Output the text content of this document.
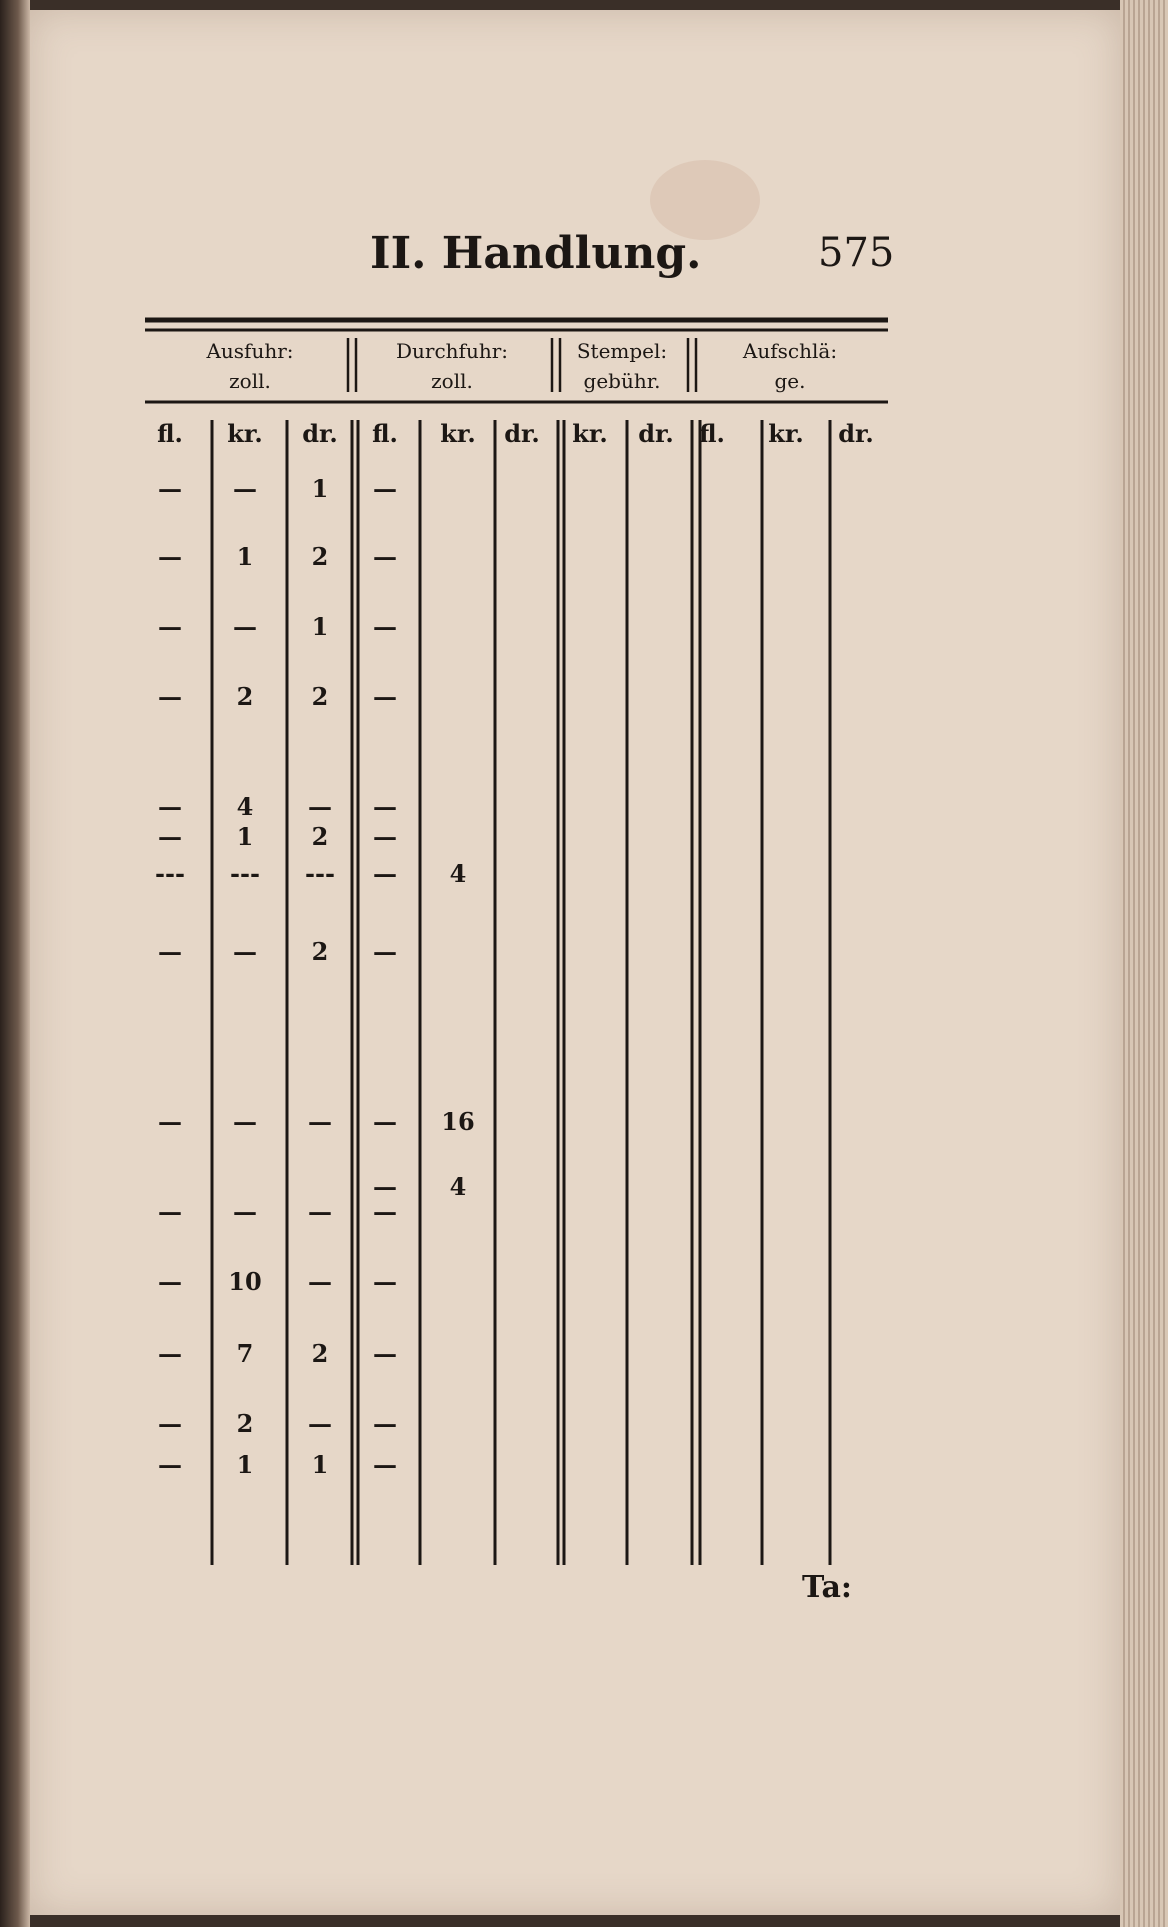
II. Handlung.	575
Ausfuhr:
zoll.
Durchfuhr:
zoll.
Stempel:
gebühr.
Aufschlä:
ge.
fl. kr. dr. fl. kr. dr. kr. dr. fl. kr. dr.
— — 1 —
— 1 2 —
— — 1 —
— 2 2 —
— 4 — —
— 1 2 —
--- --- --- — 4
— — 2 —
— — — — 16
— 4
— — — —
— 10 — —
— 7 2 —
— 2 — —
— 1 1 —
Ta:
